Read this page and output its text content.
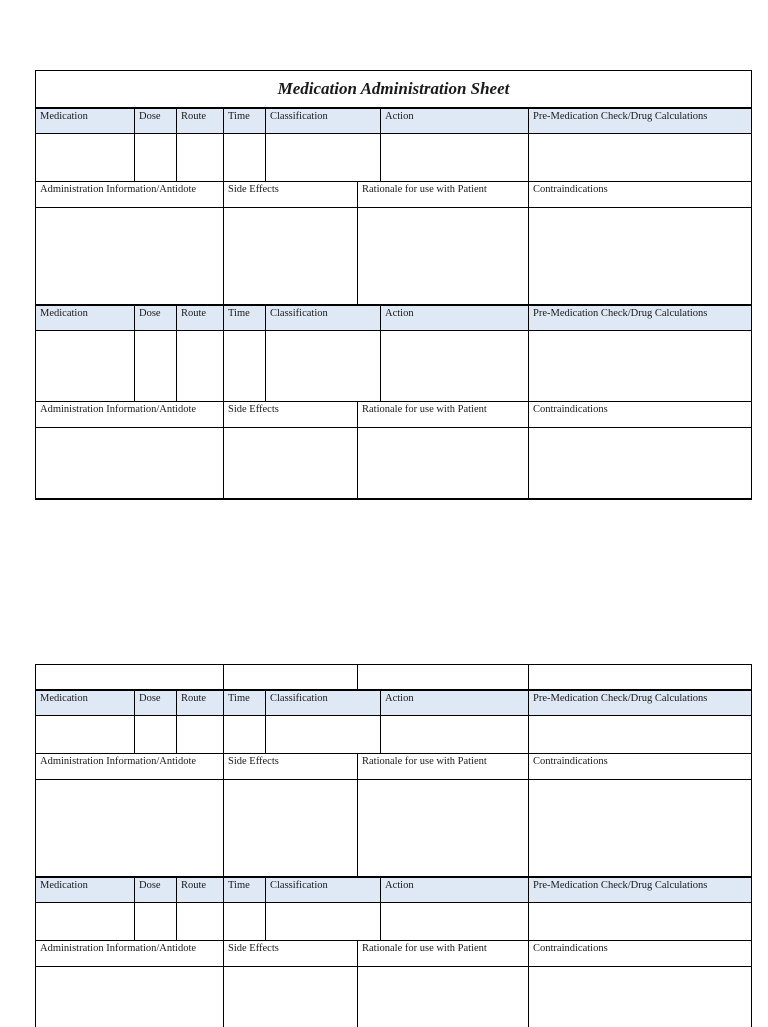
Medication Administration Sheet
Medication	Dose	Route	Time	Classification	Action	Pre-Medication Check/Drug Calculations
Administration Information/Antidote	Side Effects	Rationale for use with Patient	Contraindications
Medication	Dose	Route	Time	Classification	Action	Pre-Medication Check/Drug Calculations
Administration Information/Antidote	Side Effects	Rationale for use with Patient	Contraindications
Medication	Dose	Route	Time	Classification	Action	Pre-Medication Check/Drug Calculations
Administration Information/Antidote	Side Effects	Rationale for use with Patient	Contraindications
Medication	Dose	Route	Time	Classification	Action	Pre-Medication Check/Drug Calculations
Administration Information/Antidote	Side Effects	Rationale for use with Patient	Contraindications
